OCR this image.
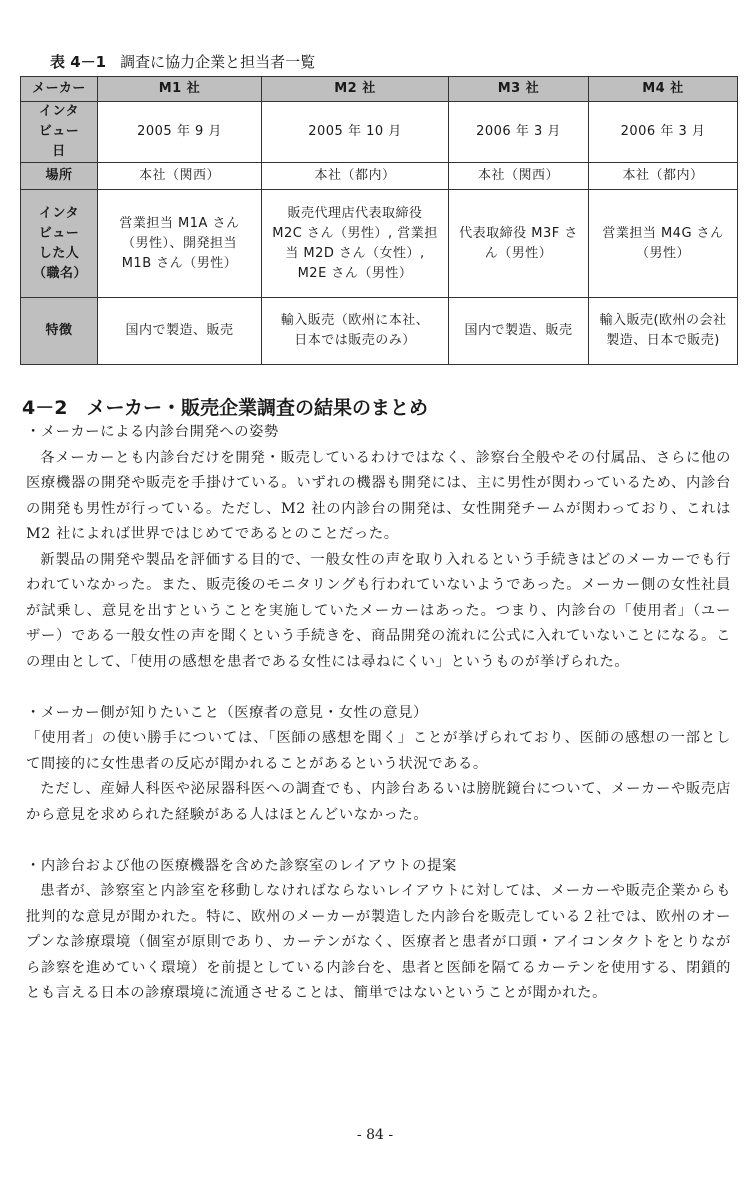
表 4－1 調査に協力企業と担当者一覧
メーカー	M1 社	M2 社	M3 社	M4 社
インタビュー日	2005 年 9 月	2005 年 10 月	2006 年 3 月	2006 年 3 月
場所	本社（関西）	本社（都内）	本社（関西）	本社（都内）
インタビューした人（職名）	営業担当 M1A さん（男性）、開発担当 M1B さん（男性）	販売代理店代表取締役 M2C さん（男性）, 営業担当 M2D さん（女性）, M2E さん（男性）	代表取締役 M3F さん（男性）	営業担当 M4G さん（男性）
特徴	国内で製造、販売	輸入販売（欧州に本社、日本では販売のみ）	国内で製造、販売	輸入販売(欧州の会社製造、日本で販売)
4－2　メーカー・販売企業調査の結果のまとめ

・メーカーによる内診台開発への姿勢

各メーカーとも内診台だけを開発・販売しているわけではなく、診察台全般やその付属品、さらに他の医療機器の開発や販売を手掛けている。いずれの機器も開発には、主に男性が関わっているため、内診台の開発も男性が行っている。ただし、M2 社の内診台の開発は、女性開発チームが関わっており、これは M2 社によれば世界ではじめてであるとのことだった。

新製品の開発や製品を評価する目的で、一般女性の声を取り入れるという手続きはどのメーカーでも行われていなかった。また、販売後のモニタリングも行われていないようであった。メーカー側の女性社員が試乗し、意見を出すということを実施していたメーカーはあった。つまり、内診台の「使用者」（ユーザー）である一般女性の声を聞くという手続きを、商品開発の流れに公式に入れていないことになる。この理由として、「使用の感想を患者である女性には尋ねにくい」というものが挙げられた。

・メーカー側が知りたいこと（医療者の意見・女性の意見）

「使用者」の使い勝手については、「医師の感想を聞く」ことが挙げられており、医師の感想の一部として間接的に女性患者の反応が聞かれることがあるという状況である。

ただし、産婦人科医や泌尿器科医への調査でも、内診台あるいは膀胱鏡台について、メーカーや販売店から意見を求められた経験がある人はほとんどいなかった。

・内診台および他の医療機器を含めた診察室のレイアウトの提案

患者が、診察室と内診室を移動しなければならないレイアウトに対しては、メーカーや販売企業からも批判的な意見が聞かれた。特に、欧州のメーカーが製造した内診台を販売している２社では、欧州のオープンな診療環境（個室が原則であり、カーテンがなく、医療者と患者が口頭・アイコンタクトをとりながら診察を進めていく環境）を前提としている内診台を、患者と医師を隔てるカーテンを使用する、閉鎖的とも言える日本の診療環境に流通させることは、簡単ではないということが聞かれた。

- 84 -
